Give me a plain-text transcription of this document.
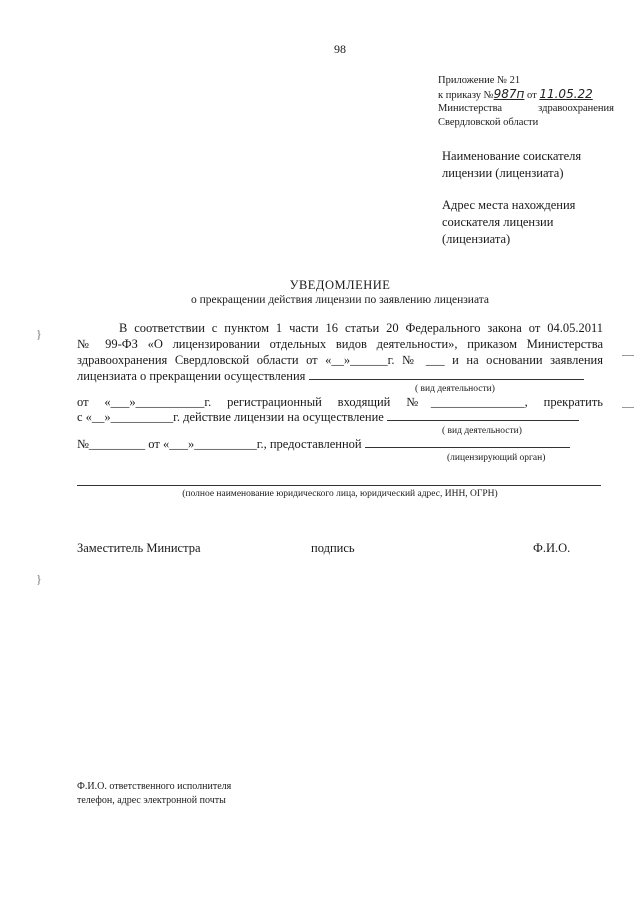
98
Приложение № 21
к приказу №987п от 11.05.22
Министерства	здравоохранения
Свердловской области

Наименование соискателя лицензии (лицензиата)

Адрес места нахождения соискателя лицензии (лицензиата)

УВЕДОМЛЕНИЕ
о прекращении действия лицензии по заявлению лицензиата
}
}
В соответствии с пунктом 1 части 16 статьи 20 Федерального закона от 04.05.2011
№ 99-ФЗ «О лицензировании отдельных видов деятельности», приказом Министерства
здравоохранения Свердловской области от «__»______г. № ___ и на основании заявления
лицензиата о прекращении осуществления
( вид деятельности)
от «___»___________г. регистрационный входящий №_______________, прекратить
с «__»__________г. действие лицензии на осуществление
( вид деятельности)
№_________ от «___»__________г., предоставленной
(лицензирующий орган)
(полное наименование юридического лица, юридический адрес, ИНН, ОГРН)
Заместитель Министра	подпись	Ф.И.О.
Ф.И.О. ответственного исполнителя
телефон, адрес электронной почты
